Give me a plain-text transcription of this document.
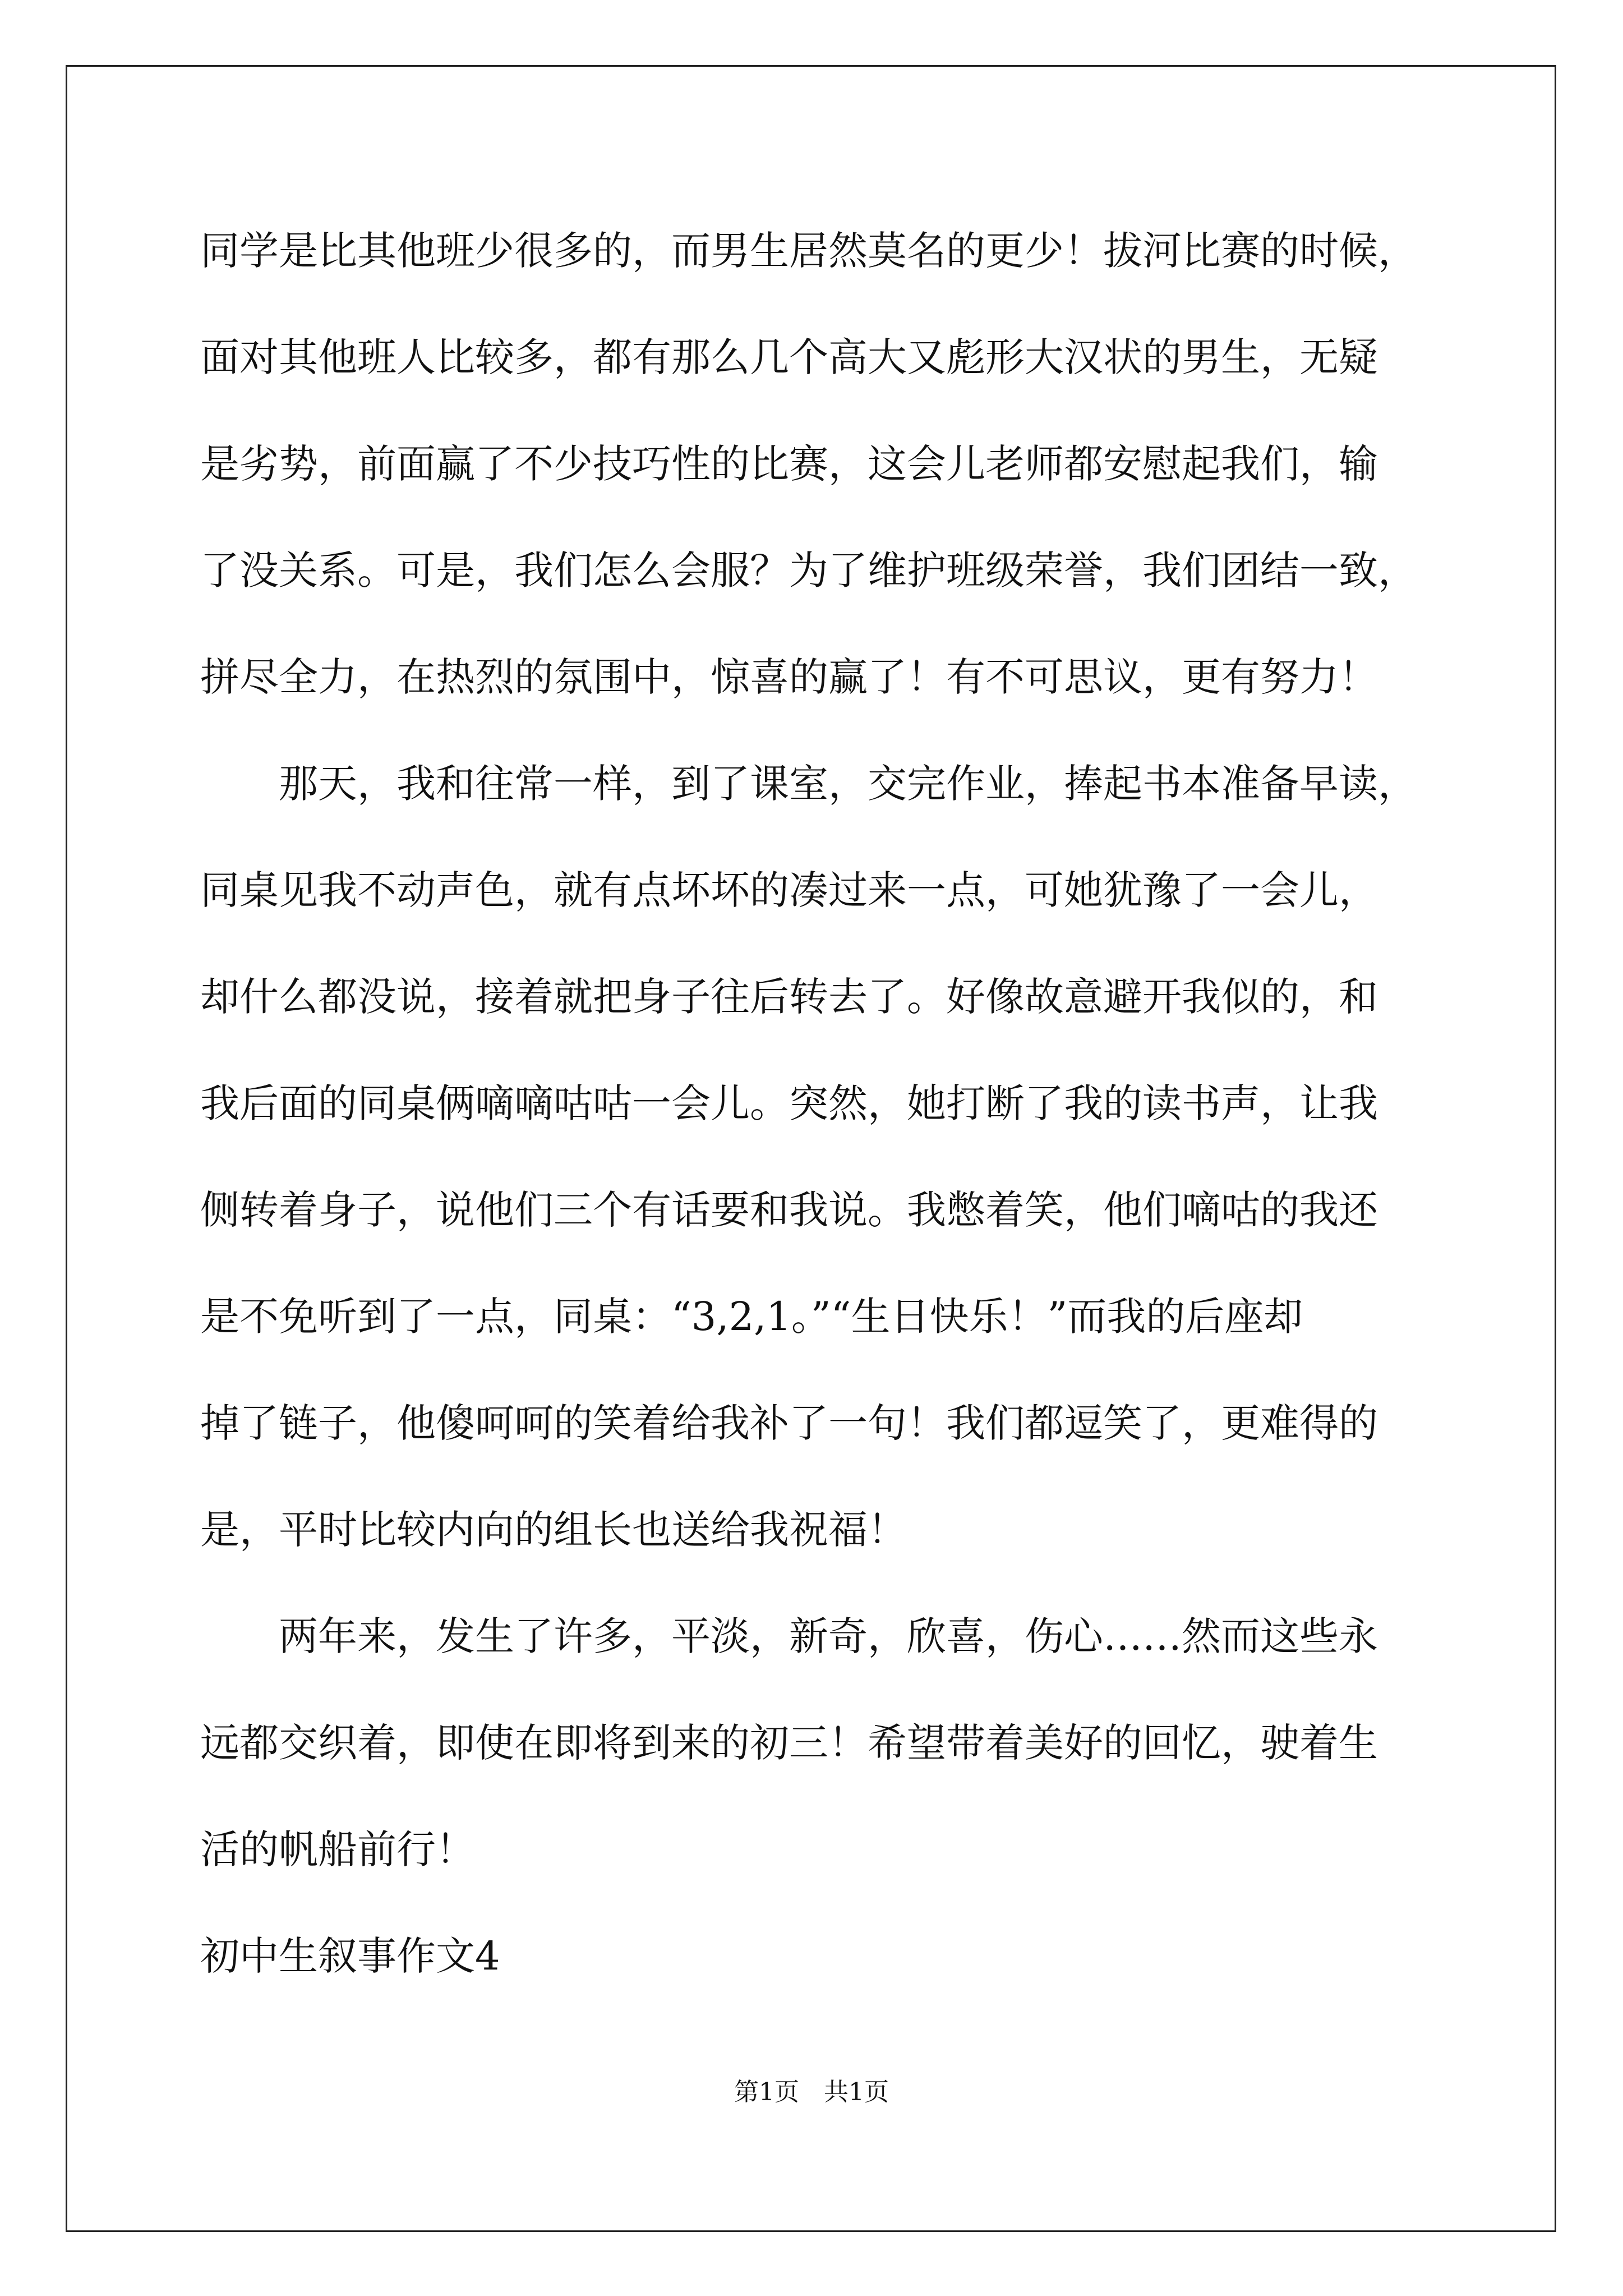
同学是比其他班少很多的，而男生居然莫名的更少！拔河比赛的时候，
面对其他班人比较多，都有那么几个高大又彪形大汉状的男生，无疑
是劣势，前面赢了不少技巧性的比赛，这会儿老师都安慰起我们，输
了没关系。可是，我们怎么会服？为了维护班级荣誉，我们团结一致，
拼尽全力，在热烈的氛围中，惊喜的赢了！有不可思议，更有努力！
　　那天，我和往常一样，到了课室，交完作业，捧起书本准备早读，
同桌见我不动声色，就有点坏坏的凑过来一点，可她犹豫了一会儿，
却什么都没说，接着就把身子往后转去了。好像故意避开我似的，和
我后面的同桌俩嘀嘀咕咕一会儿。突然，她打断了我的读书声，让我
侧转着身子，说他们三个有话要和我说。我憋着笑，他们嘀咕的我还
是不免听到了一点，同桌：“3,2,1。”“生日快乐！”而我的后座却
掉了链子，他傻呵呵的笑着给我补了一句！我们都逗笑了，更难得的
是，平时比较内向的组长也送给我祝福！
　　两年来，发生了许多，平淡，新奇，欣喜，伤心……然而这些永
远都交织着，即使在即将到来的初三！希望带着美好的回忆，驶着生
活的帆船前行！
初中生叙事作文4
第1页　共1页
